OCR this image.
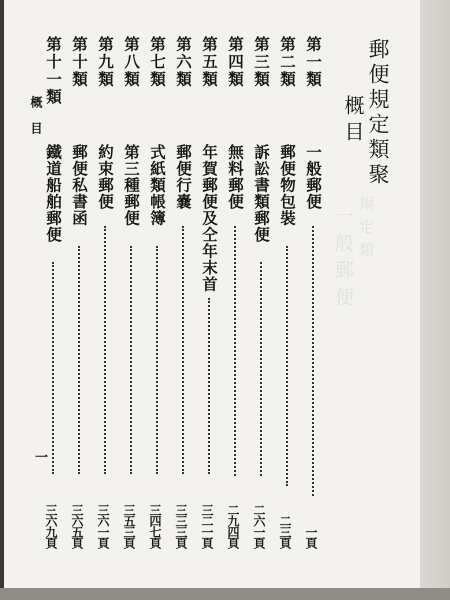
郵便規定類聚
概目
一般郵便 規定類
第一類
一般郵便
一頁
第二類
郵便物包裝
二三頁
第三類
訴訟書類郵便
二六一頁
第四類
無料郵便
二九四頁
第五類
年賀郵便及仝年末首
三二一頁
第六類
郵便行嚢
三三三頁
第七類
式紙類帳簿
三四七頁
第八類
第三種郵便
三五三頁
第九類
約束郵便
三六一頁
第十類
郵便私書函
三六五頁
第十一類
鐵道船舶郵便
三六九頁
概目
一
